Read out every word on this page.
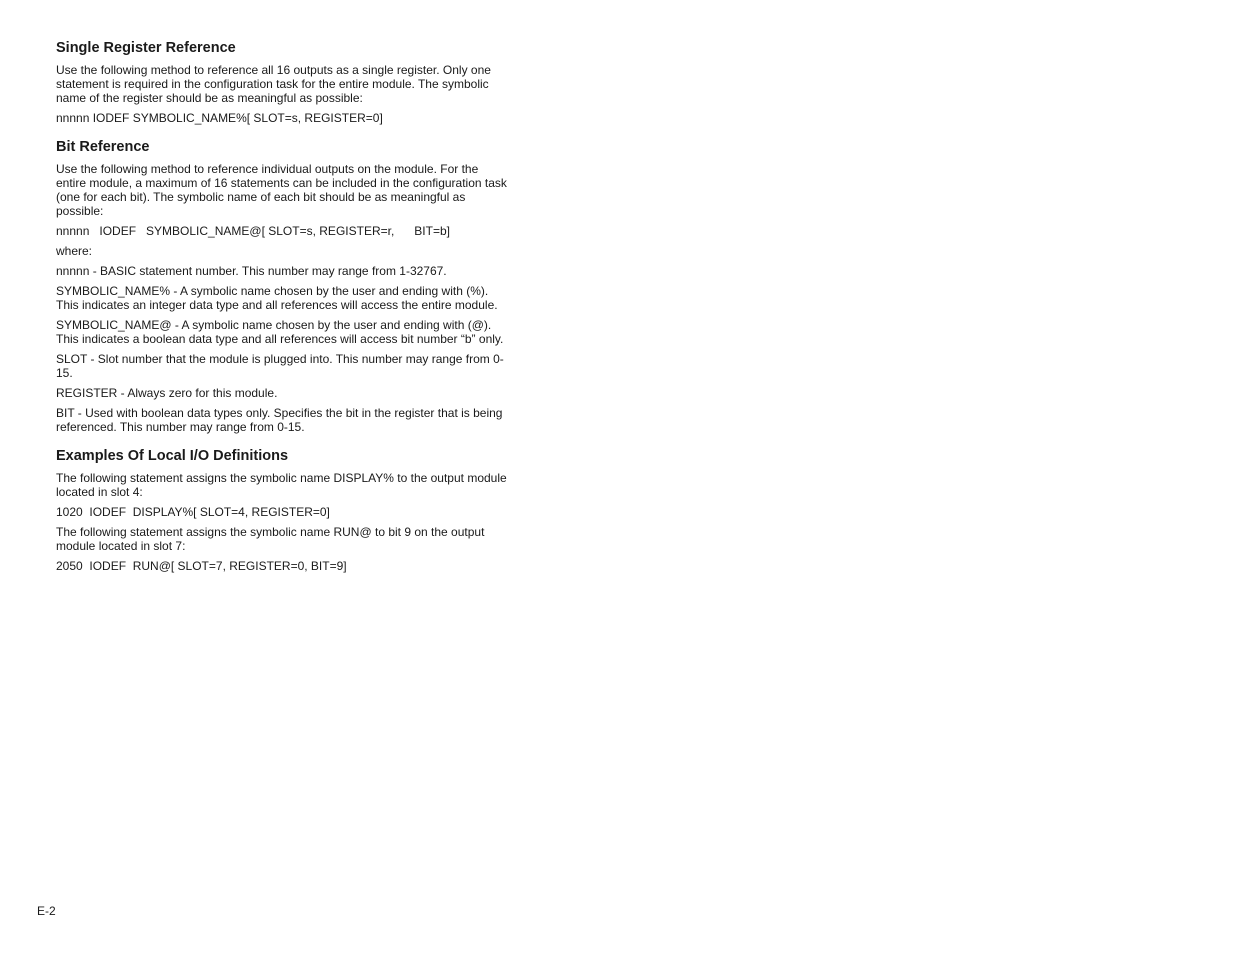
Single Register Reference

Use the following method to reference all 16 outputs as a single register. Only one statement is required in the configuration task for the entire module. The symbolic name of the register should be as meaningful as possible:

nnnnn IODEF SYMBOLIC_NAME%[ SLOT=s, REGISTER=0]
Bit Reference

Use the following method to reference individual outputs on the module. For the entire module, a maximum of 16 statements can be included in the configuration task (one for each bit). The symbolic name of each bit should be as meaningful as possible:

nnnnn   IODEF   SYMBOLIC_NAME@[ SLOT=s, REGISTER=r,      BIT=b]

where:

nnnnn - BASIC statement number. This number may range from 1-32767.

SYMBOLIC_NAME% - A symbolic name chosen by the user and ending with (%). This indicates an integer data type and all references will access the entire module.

SYMBOLIC_NAME@ - A symbolic name chosen by the user and ending with (@). This indicates a boolean data type and all references will access bit number “b” only.

SLOT - Slot number that the module is plugged into. This number may range from 0-15.

REGISTER - Always zero for this module.

BIT - Used with boolean data types only. Specifies the bit in the register that is being referenced. This number may range from 0-15.

Examples Of Local I/O Definitions

The following statement assigns the symbolic name DISPLAY% to the output module located in slot 4:

1020  IODEF  DISPLAY%[ SLOT=4, REGISTER=0]

The following statement assigns the symbolic name RUN@ to bit 9 on the output module located in slot 7:

2050  IODEF  RUN@[ SLOT=7, REGISTER=0, BIT=9]
E-2
